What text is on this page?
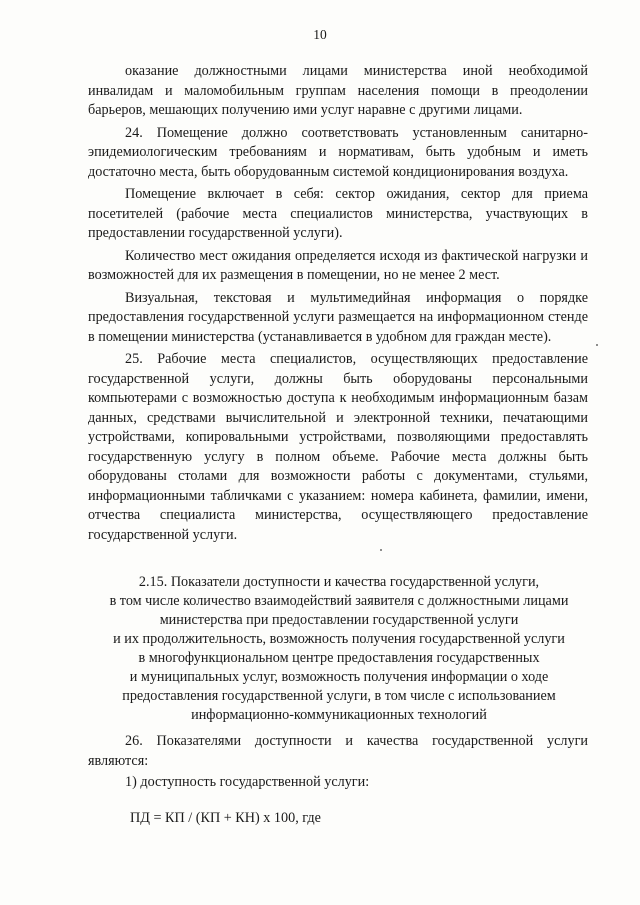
10

оказание должностными лицами министерства иной необходимой инвалидам и маломобильным группам населения помощи в преодолении барьеров, мешающих получению ими услуг наравне с другими лицами.

24. Помещение должно соответствовать установленным санитарно-эпидемиологическим требованиям и нормативам, быть удобным и иметь достаточно места, быть оборудованным системой кондиционирования воздуха.

Помещение включает в себя: сектор ожидания, сектор для приема посетителей (рабочие места специалистов министерства, участвующих в предоставлении государственной услуги).

Количество мест ожидания определяется исходя из фактической нагрузки и возможностей для их размещения в помещении, но не менее 2 мест.

Визуальная, текстовая и мультимедийная информация о порядке предоставления государственной услуги размещается на информационном стенде в помещении министерства (устанавливается в удобном для граждан месте).

25. Рабочие места специалистов, осуществляющих предоставление государственной услуги, должны быть оборудованы персональными компьютерами с возможностью доступа к необходимым информационным базам данных, средствами вычислительной и электронной техники, печатающими устройствами, копировальными устройствами, позволяющими предоставлять государственную услугу в полном объеме. Рабочие места должны быть оборудованы столами для возможности работы с документами, стульями, информационными табличками с указанием: номера кабинета, фамилии, имени, отчества специалиста министерства, осуществляющего предоставление государственной услуги.

2.15. Показатели доступности и качества государственной услуги,
в том числе количество взаимодействий заявителя с должностными лицами
министерства при предоставлении государственной услуги
и их продолжительность, возможность получения государственной услуги
в многофункциональном центре предоставления государственных
и муниципальных услуг, возможность получения информации о ходе
предоставления государственной услуги, в том числе с использованием
информационно-коммуникационных технологий

26. Показателями доступности и качества государственной услуги являются:

1) доступность государственной услуги:

ПД = КП / (КП + КН) х 100, где
